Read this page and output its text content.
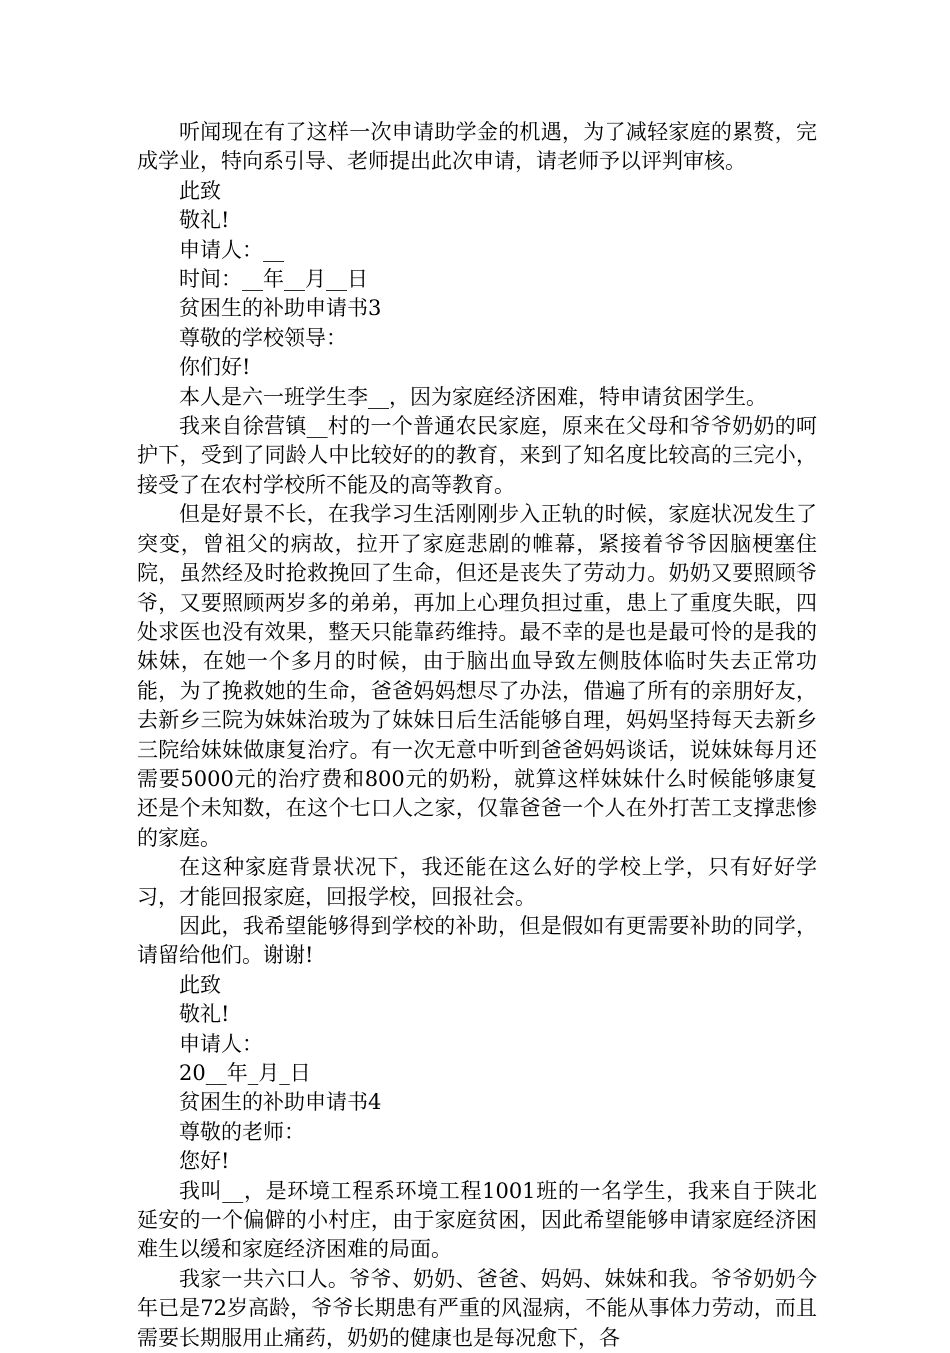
听闻现在有了这样一次申请助学金的机遇，为了减轻家庭的累赘，完成学业，特向系引导、老师提出此次申请，请老师予以评判审核。

此致

敬礼!

申请人：__

时间：__年__月__日

贫困生的补助申请书3

尊敬的学校领导：

你们好!

本人是六一班学生李__，因为家庭经济困难，特申请贫困学生。

我来自徐营镇__村的一个普通农民家庭，原来在父母和爷爷奶奶的呵护下，受到了同龄人中比较好的的教育，来到了知名度比较高的三完小，接受了在农村学校所不能及的高等教育。

但是好景不长，在我学习生活刚刚步入正轨的时候，家庭状况发生了突变，曾祖父的病故，拉开了家庭悲剧的帷幕，紧接着爷爷因脑梗塞住院，虽然经及时抢救挽回了生命，但还是丧失了劳动力。奶奶又要照顾爷爷，又要照顾两岁多的弟弟，再加上心理负担过重，患上了重度失眠，四处求医也没有效果，整天只能靠药维持。最不幸的是也是最可怜的是我的妹妹，在她一个多月的时候，由于脑出血导致左侧肢体临时失去正常功能，为了挽救她的生命，爸爸妈妈想尽了办法，借遍了所有的亲朋好友，去新乡三院为妹妹治玻为了妹妹日后生活能够自理，妈妈坚持每天去新乡三院给妹妹做康复治疗。有一次无意中听到爸爸妈妈谈话，说妹妹每月还需要5000元的治疗费和800元的奶粉，就算这样妹妹什么时候能够康复还是个未知数，在这个七口人之家，仅靠爸爸一个人在外打苦工支撑悲惨的家庭。

在这种家庭背景状况下，我还能在这么好的学校上学，只有好好学习，才能回报家庭，回报学校，回报社会。

因此，我希望能够得到学校的补助，但是假如有更需要补助的同学，请留给他们。谢谢!

此致

敬礼!

申请人：

20__年_月_日

贫困生的补助申请书4

尊敬的老师：

您好!

我叫__，是环境工程系环境工程1001班的一名学生，我来自于陕北延安的一个偏僻的小村庄，由于家庭贫困，因此希望能够申请家庭经济困难生以缓和家庭经济困难的局面。

我家一共六口人。爷爷、奶奶、爸爸、妈妈、妹妹和我。爷爷奶奶今年已是72岁高龄，爷爷长期患有严重的风湿病，不能从事体力劳动，而且需要长期服用止痛药，奶奶的健康也是每况愈下，各
